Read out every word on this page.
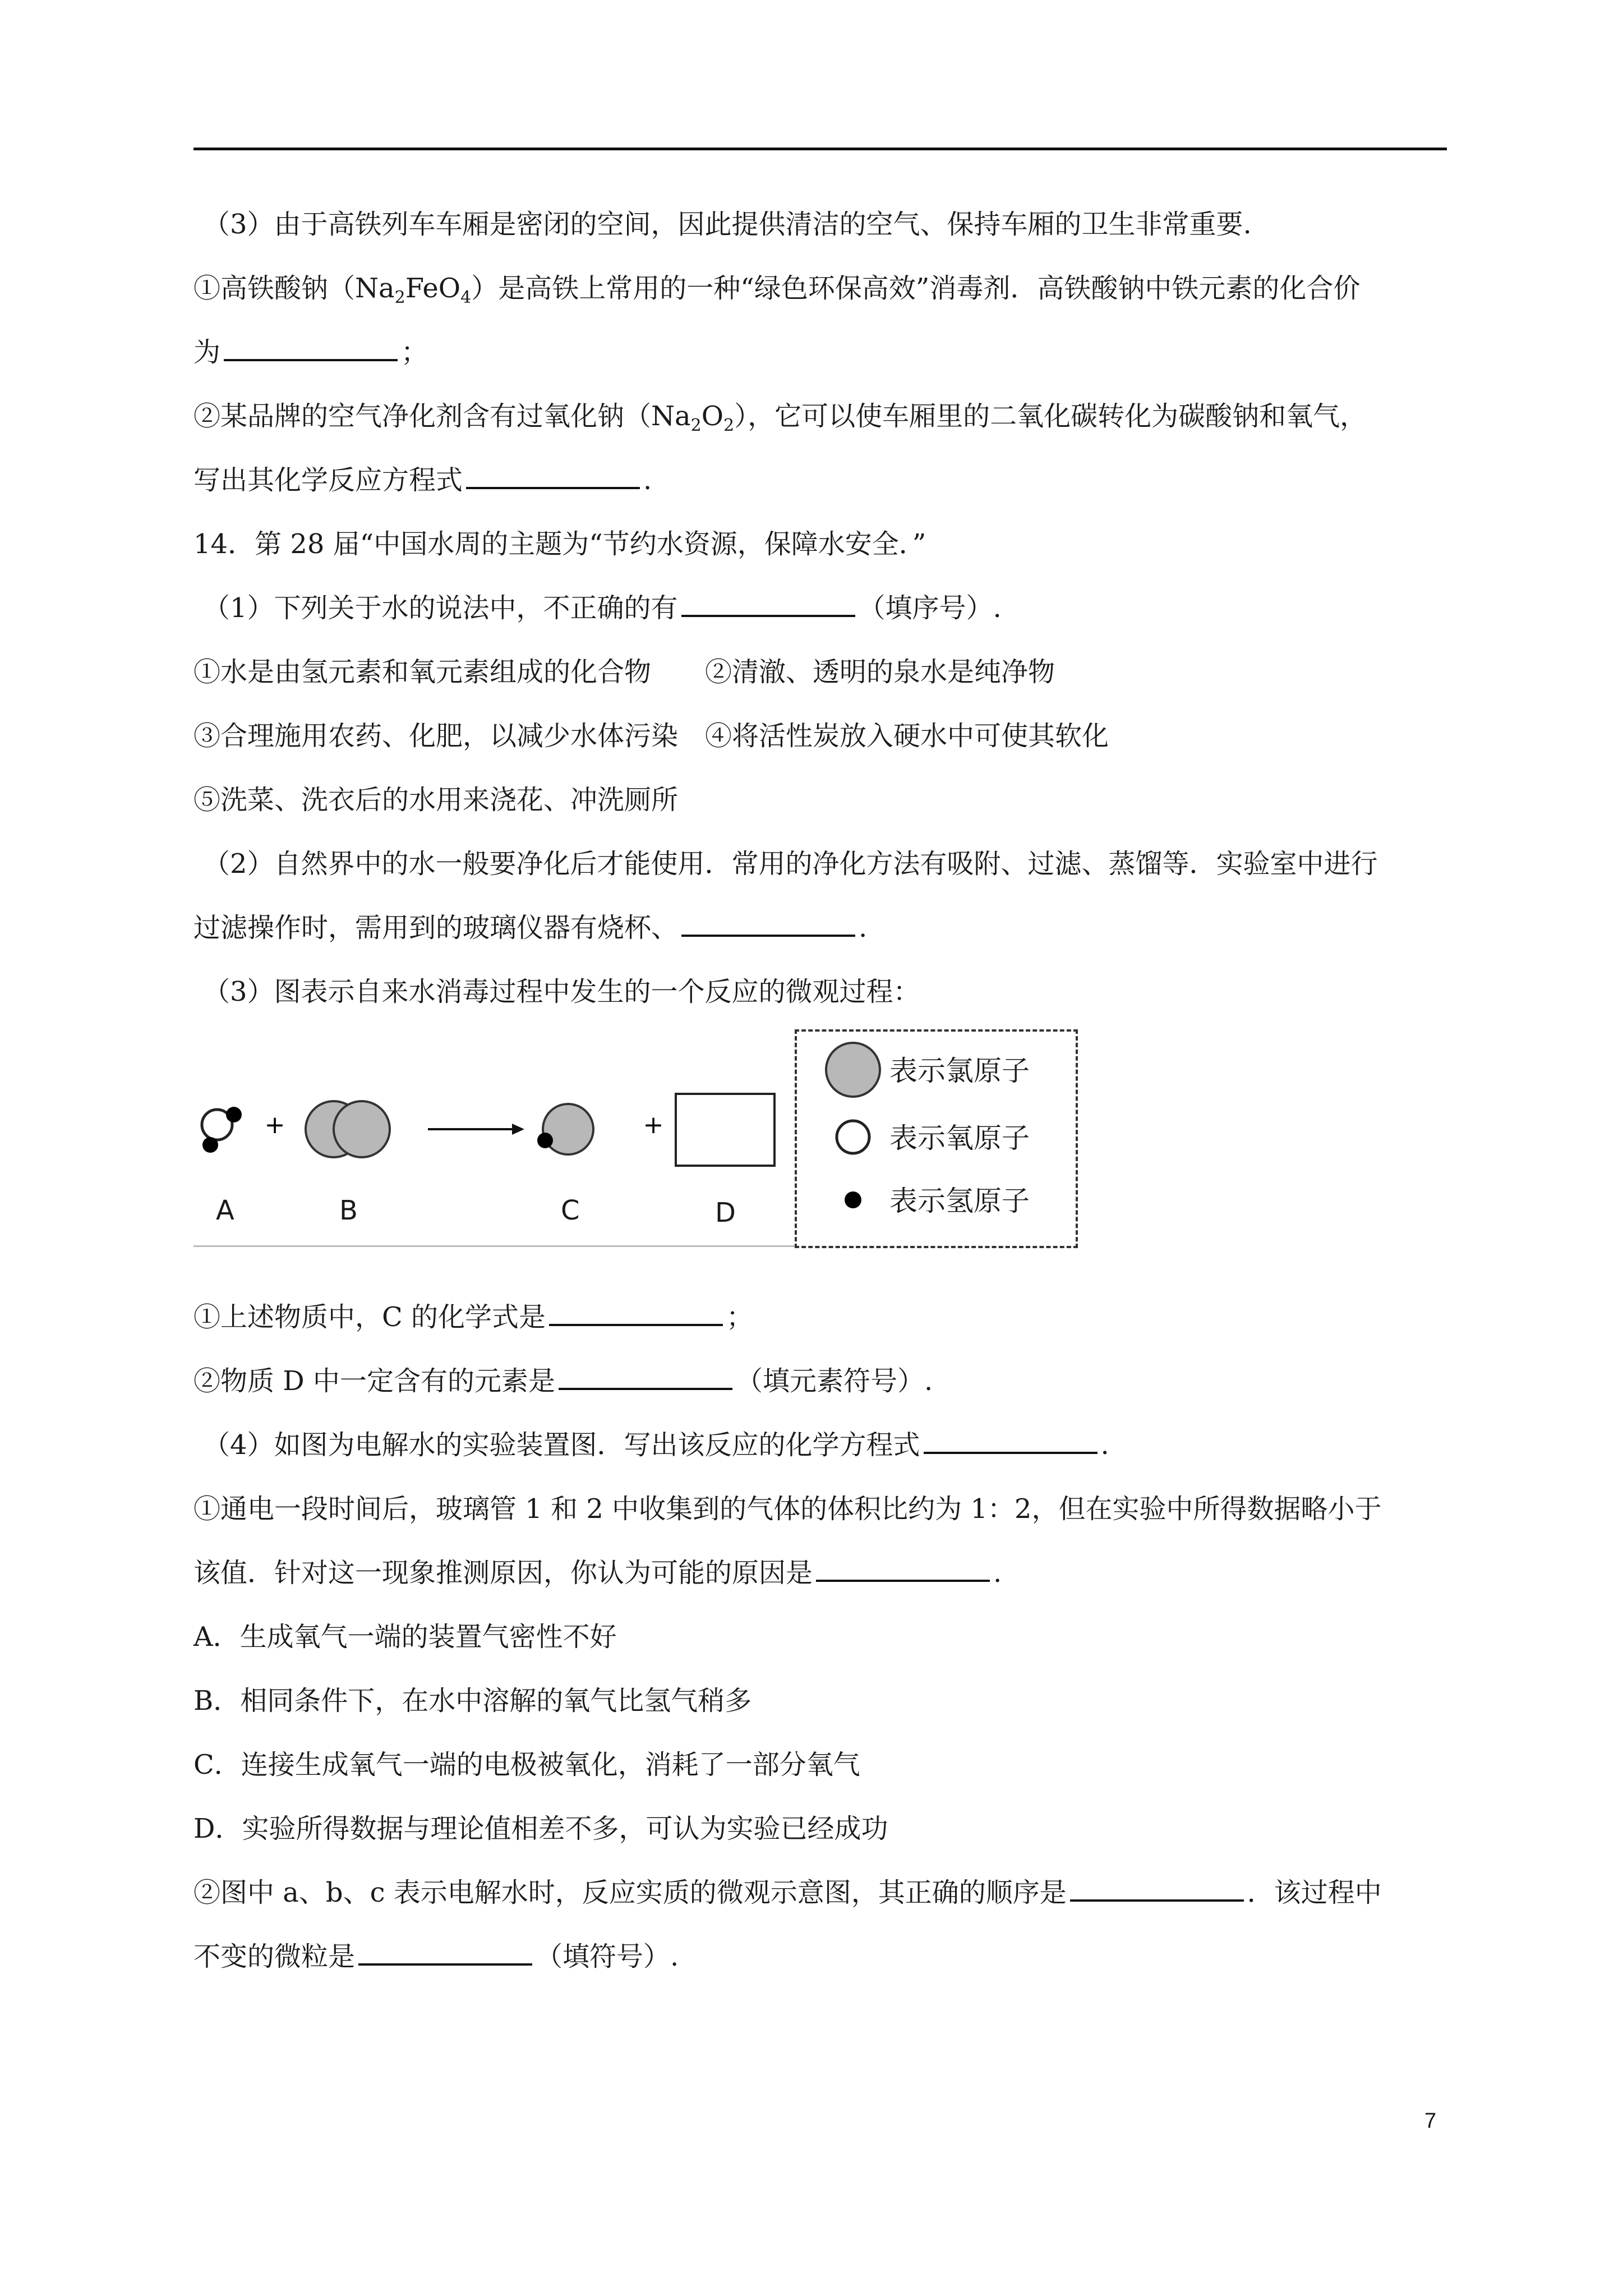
（3）由于高铁列车车厢是密闭的空间，因此提供清洁的空气、保持车厢的卫生非常重要.
①高铁酸钠$(Na_2FeO_4)$是高铁上常用的一种“绿色环保高效”消毒剂．高铁酸钠中铁元素的化合价
为	；
②某品牌的空气净化剂含有过氧化钠$(Na_2O_2)$，它可以使车厢里的二氧化碳转化为碳酸钠和氧气，
写出其化学反应方程式	.
14．第 28 届“中国水周的主题为“节约水资源，保障水安全．”
（1）下列关于水的说法中，不正确的有	（填序号）.
①水是由氢元素和氧元素组成的化合物　　②清澈、透明的泉水是纯净物
③合理施用农药、化肥，以减少水体污染　④将活性炭放入硬水中可使其软化
⑤洗菜、洗衣后的水用来浇花、冲洗厕所
（2）自然界中的水一般要净化后才能使用．常用的净化方法有吸附、过滤、蒸馏等．实验室中进行
过滤操作时，需用到的玻璃仪器有烧杯、	.
（3）图表示自来水消毒过程中发生的一个反应的微观过程：
+	+
A	B	C	D
表示氯原子
表示氧原子
表示氢原子
①上述物质中，C 的化学式是	；
②物质 D 中一定含有的元素是	（填元素符号）.
（4）如图为电解水的实验装置图．写出该反应的化学方程式	.
①通电一段时间后，玻璃管 1 和 2 中收集到的气体的体积比约为 1：2，但在实验中所得数据略小于
该值．针对这一现象推测原因，你认为可能的原因是	.
A．生成氧气一端的装置气密性不好
B．相同条件下，在水中溶解的氧气比氢气稍多
C．连接生成氧气一端的电极被氧化，消耗了一部分氧气
D．实验所得数据与理论值相差不多，可认为实验已经成功
②图中 a、b、c 表示电解水时，反应实质的微观示意图，其正确的顺序是	．该过程中
不变的微粒是	（填符号）.
7
